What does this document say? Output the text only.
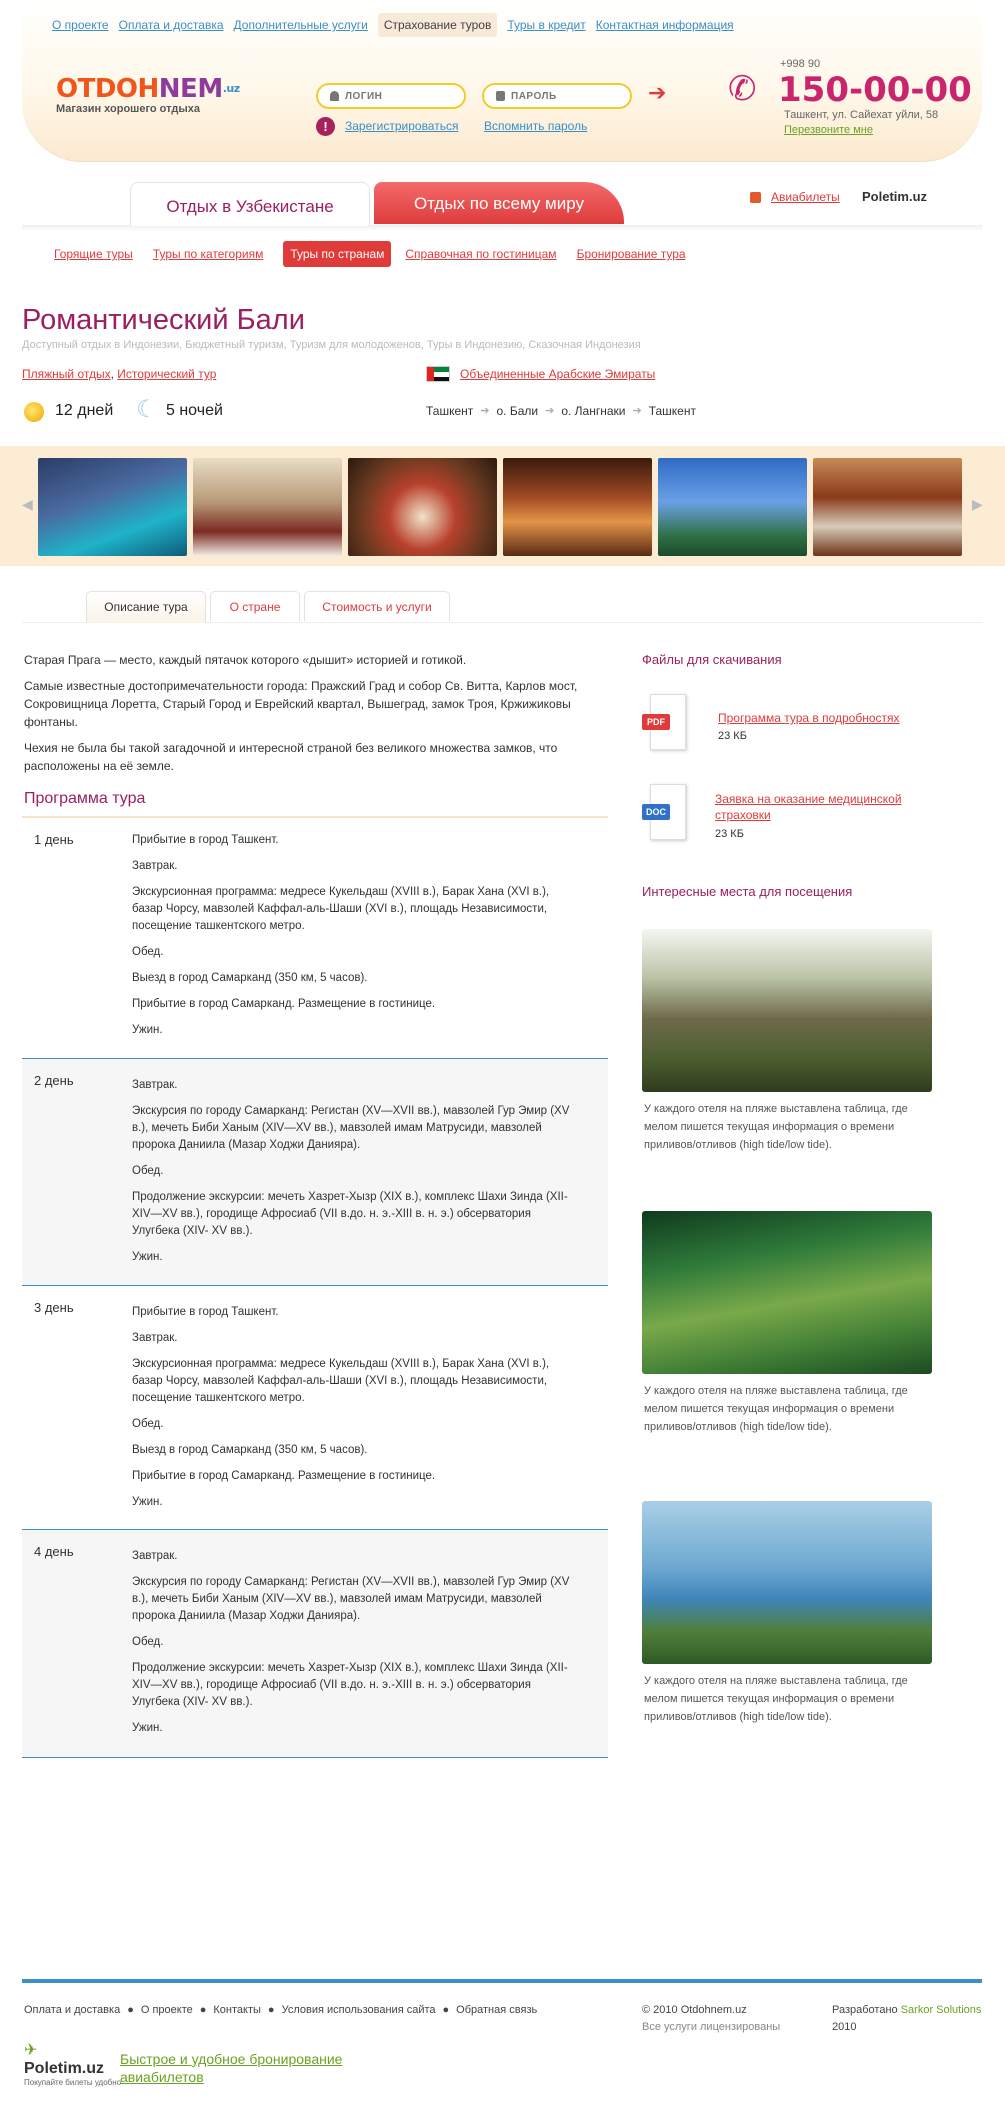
О проекте Оплата и доставка Дополнительные услуги	Страхование туров	Туры в кредит Контактная информация
$OTDOHNEM^{.uz}$
Магазин хорошего отдыха
ЛОГИН	ПАРОЛЬ	➔
!	Зарегистрироваться Вспомнить пароль
+998 90
✆ 150-00-00
Ташкент, ул. Сайехат уйли, 58
Перезвоните мне
Отдых в Узбекистане	Отдых по всему миру	Авиабилеты Poletim.uz
Горящие туры Туры по категориям	Туры по странам	Справочная по гостиницам Бронирование тура
Романтический Бали
Доступный отдых в Индонезии, Бюджетный туризм, Туризм для молодоженов, Туры в Индонезию, Сказочная Индонезия
Пляжный отдых, Исторический тур	Объединенные Арабские Эмираты
12 дней ☾ 5 ночей	Ташкент ➔ о. Бали ➔ о. Лангнаки ➔ Ташкент
◀	▶
Описание тура	О стране	Стоимость и услуги

Старая Прага — место, каждый пятачок которого «дышит» историей и готикой.

Самые известные достопримечательности города: Пражский Град и собор Св. Витта, Карлов мост, Сокровищница Лоретта, Старый Город и Еврейский квартал, Вышеград, замок Троя, Кржижиковы фонтаны.

Чехия не была бы такой загадочной и интересной страной без великого множества замков, что расположены на её земле.

Программа тура
1 день	Прибытие в город Ташкент.

Завтрак.

Экскурсионная программа: медресе Кукельдаш (XVIII в.), Барак Хана (XVI в.), базар Чорсу, мавзолей Каффал-аль-Шаши (XVI в.), площадь Независимости, посещение ташкентского метро.

Обед.

Выезд в город Самарканд (350 км, 5 часов).

Прибытие в город Самарканд. Размещение в гостинице.

Ужин.

2 день	Завтрак.

Экскурсия по городу Самарканд: Регистан (XV—XVII вв.), мавзолей Гур Эмир (XV в.), мечеть Биби Ханым (XIV—XV вв.), мавзолей имам Матрусиди, мавзолей пророка Даниила (Мазар Ходжи Данияра).

Обед.

Продолжение экскурсии: мечеть Хазрет-Хызр (XIX в.), комплекс Шахи Зинда (XII-XIV—XV вв.), городище Афросиаб (VII в.до. н. э.-XIII в. н. э.) обсерватория Улугбека (XIV- XV вв.).

Ужин.

3 день	Прибытие в город Ташкент.

Завтрак.

Экскурсионная программа: медресе Кукельдаш (XVIII в.), Барак Хана (XVI в.), базар Чорсу, мавзолей Каффал-аль-Шаши (XVI в.), площадь Независимости, посещение ташкентского метро.

Обед.

Выезд в город Самарканд (350 км, 5 часов).

Прибытие в город Самарканд. Размещение в гостинице.

Ужин.

4 день	Завтрак.

Экскурсия по городу Самарканд: Регистан (XV—XVII вв.), мавзолей Гур Эмир (XV в.), мечеть Биби Ханым (XIV—XV вв.), мавзолей имам Матрусиди, мавзолей пророка Даниила (Мазар Ходжи Данияра).

Обед.

Продолжение экскурсии: мечеть Хазрет-Хызр (XIX в.), комплекс Шахи Зинда (XII-XIV—XV вв.), городище Афросиаб (VII в.до. н. э.-XIII в. н. э.) обсерватория Улугбека (XIV- XV вв.).

Ужин.

Файлы для скачивания
PDF	Программа тура в подробностях
23 КБ
DOC
Заявка на оказание медицинской страховки
23 КБ
Интересные места для посещения
У каждого отеля на пляже выставлена таблица, где мелом пишется текущая информация о времени приливов/отливов (high tide/low tide).
У каждого отеля на пляже выставлена таблица, где мелом пишется текущая информация о времени приливов/отливов (high tide/low tide).
У каждого отеля на пляже выставлена таблица, где мелом пишется текущая информация о времени приливов/отливов (high tide/low tide).
Оплата и доставка ● О проекте ● Контакты ● Условия использования сайта ● Обратная связь	© 2010 Otdohnem.uz
Все услуги лицензированы
Разработано Sarkor Solutions
2010
✈
Poletim.uz
Покупайте билеты удобно
Быстрое и удобное бронирование авиабилетов
